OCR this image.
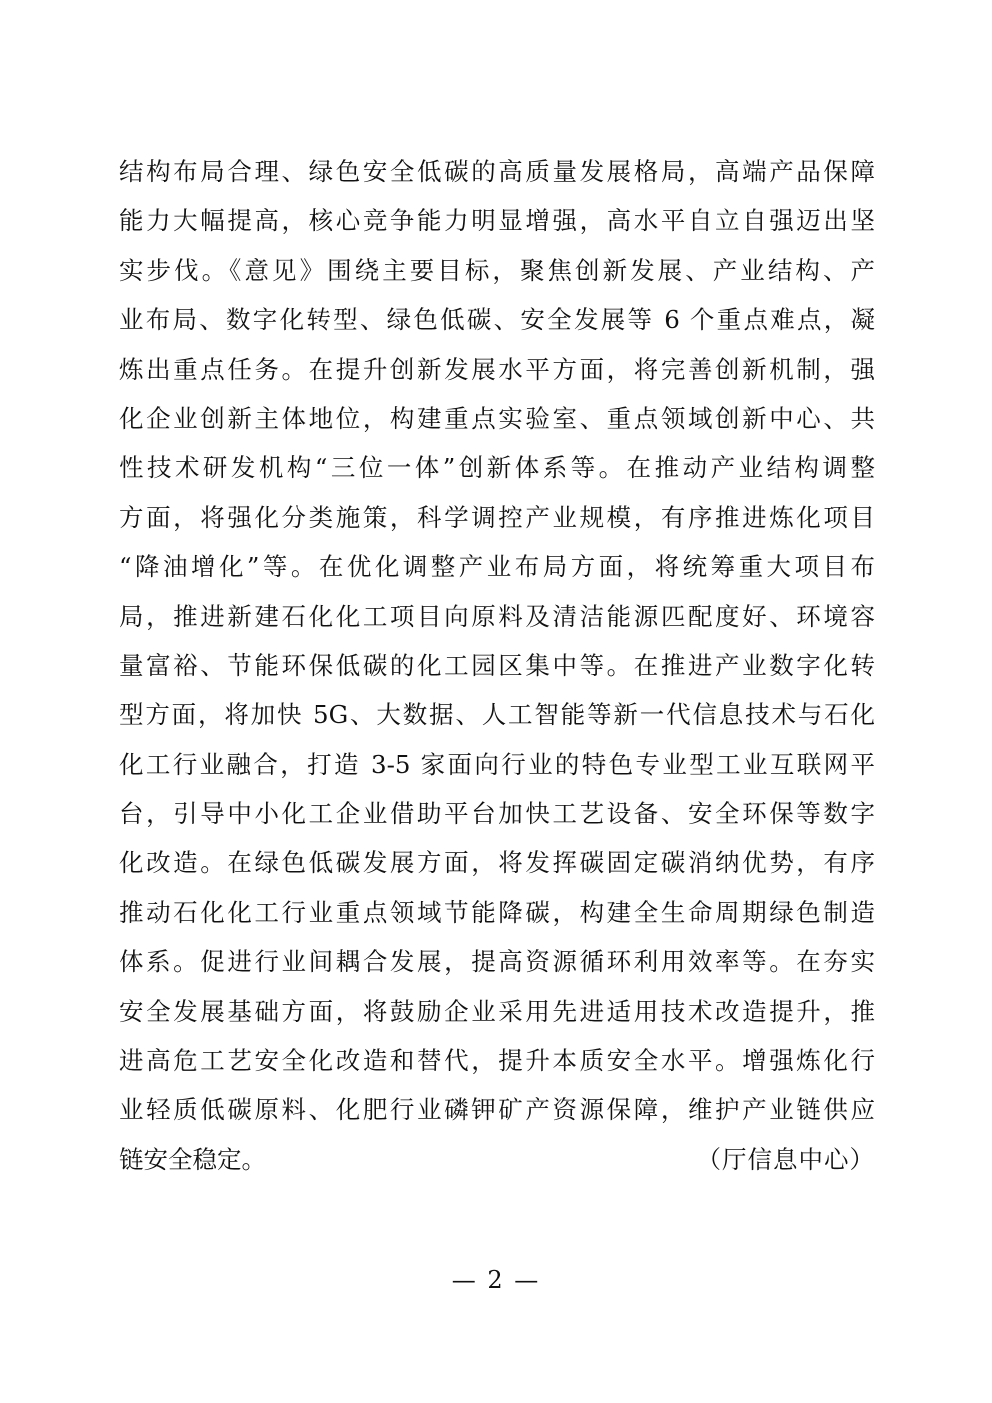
结构布局合理、绿色安全低碳的高质量发展格局，高端产品保障
能力大幅提高，核心竞争能力明显增强，高水平自立自强迈出坚
实步伐。《意见》围绕主要目标，聚焦创新发展、产业结构、产
业布局、数字化转型、绿色低碳、安全发展等 6 个重点难点，凝
炼出重点任务。在提升创新发展水平方面，将完善创新机制，强
化企业创新主体地位，构建重点实验室、重点领域创新中心、共
性技术研发机构“三位一体”创新体系等。在推动产业结构调整
方面，将强化分类施策，科学调控产业规模，有序推进炼化项目
“降油增化”等。在优化调整产业布局方面，将统筹重大项目布
局，推进新建石化化工项目向原料及清洁能源匹配度好、环境容
量富裕、节能环保低碳的化工园区集中等。在推进产业数字化转
型方面，将加快 5G、大数据、人工智能等新一代信息技术与石化
化工行业融合，打造 3-5 家面向行业的特色专业型工业互联网平
台，引导中小化工企业借助平台加快工艺设备、安全环保等数字
化改造。在绿色低碳发展方面，将发挥碳固定碳消纳优势，有序
推动石化化工行业重点领域节能降碳，构建全生命周期绿色制造
体系。促进行业间耦合发展，提高资源循环利用效率等。在夯实
安全发展基础方面，将鼓励企业采用先进适用技术改造提升，推
进高危工艺安全化改造和替代，提升本质安全水平。增强炼化行
业轻质低碳原料、化肥行业磷钾矿产资源保障，维护产业链供应
链安全稳定。	（厅信息中心）
— 2 —
